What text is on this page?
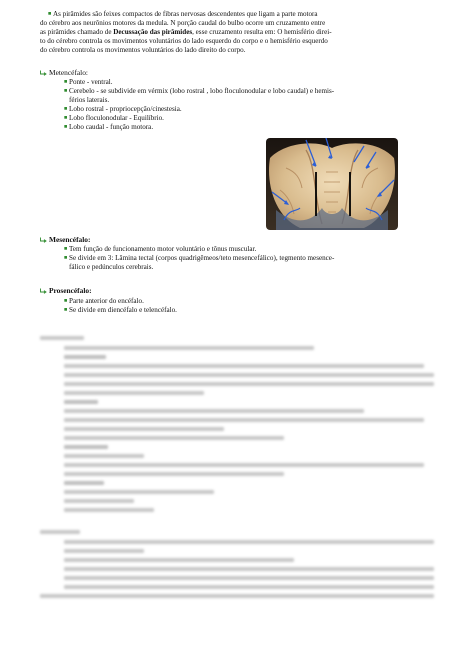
■ As pirâmides são feixes compactos de fibras nervosas descendentes que ligam a parte motora
do cérebro aos neurônios motores da medula. N porção caudal do bulbo ocorre um cruzamento entre
as pirâmides chamado de Decussação das pirâmides, esse cruzamento resulta em: O hemisfério direi-
to do cérebro controla os movimentos voluntários do lado esquerdo do corpo e o hemisfério esquerdo
do cérebro controla os movimentos voluntários do lado direito do corpo.
Metencéfalo:
■ Ponte - ventral.
■ Cerebelo - se subdivide em vérmix (lobo rostral , lobo floculonodular e lobo caudal) e hemis-
férios laterais.
■ Lobo rostral - propriocepção/cinestesia.
■ Lobo floculonodular - Equilíbrio.
■ Lobo caudal - função motora.
Mesencéfalo:
■ Tem função de funcionamento motor voluntário e tônus muscular.
■ Se divide em 3: Lâmina tectal (corpos quadrigêmeos/teto mesencefálico), tegmento mesence-
fálico e pedúnculos cerebrais.
Prosencéfalo:
■ Parte anterior do encéfalo.
■ Se divide em diencéfalo e telencéfalo.
